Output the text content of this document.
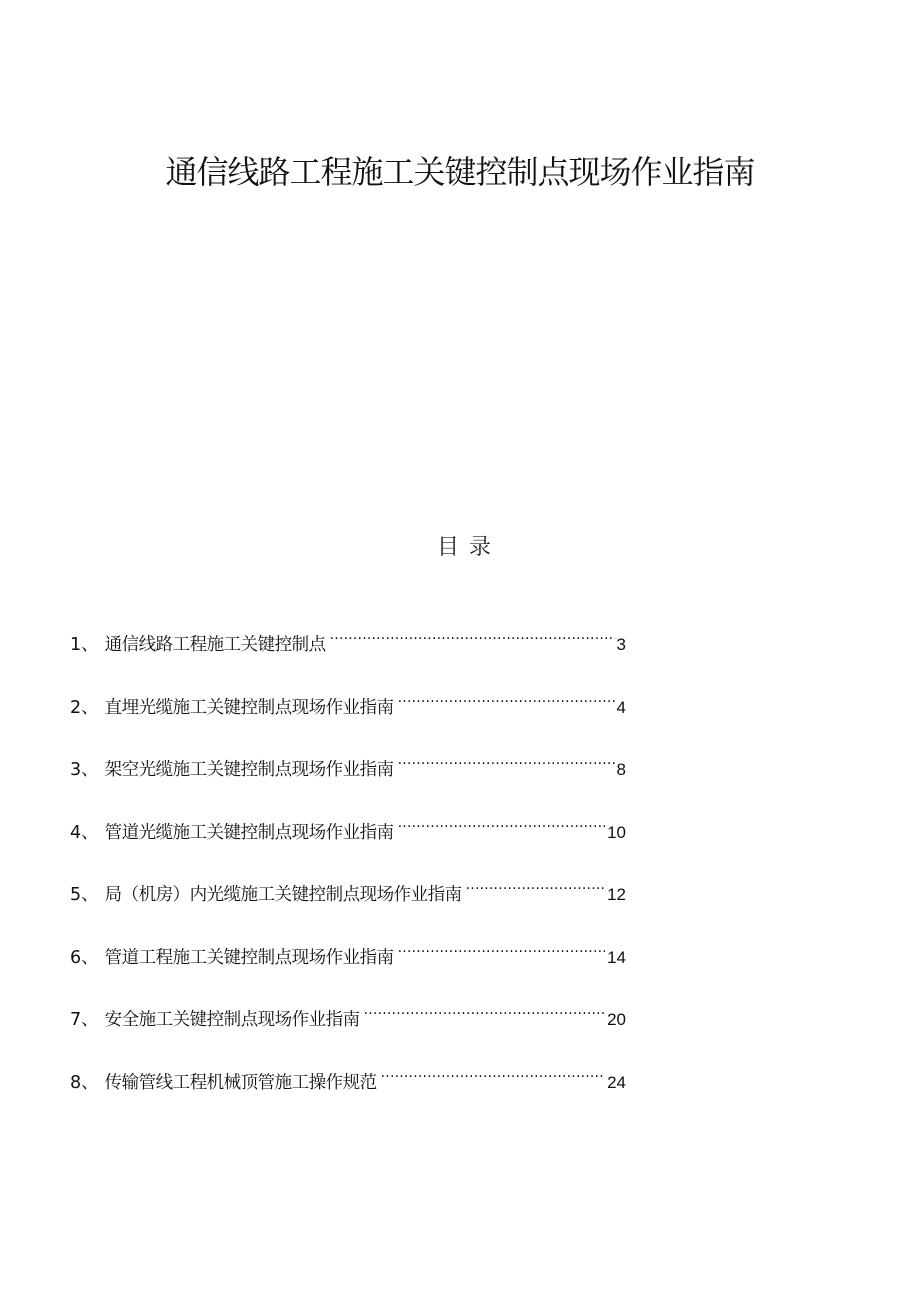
通信线路工程施工关键控制点现场作业指南
目录
1 、 通信线路工程施工关键控制点 .....	3
2 、 直埋光缆施工关键控制点现场作业指南 .....	4
3 、 架空光缆施工关键控制点现场作业指南 .....	8
4 、 管道光缆施工关键控制点现场作业指南 .....	10
5 、 局（机房）内光缆施工关键控制点现场作业指南 .....	12
6 、 管道工程施工关键控制点现场作业指南 .....	14
7 、 安全施工关键控制点现场作业指南 .....	20
8 、 传输管线工程机械顶管施工操作规范 .....	24
